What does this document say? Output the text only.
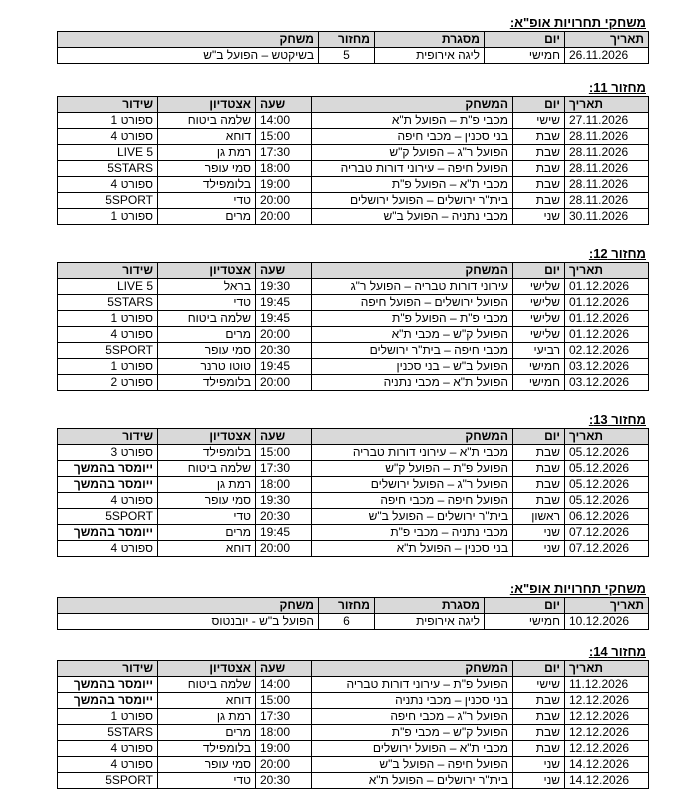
משחקי תחרויות אופ"א:
תאריך	יום	מסגרת	מחזור	משחק
26.11.2026	חמישי	ליגה אירופית	5	בשיקטש – הפועל ב"ש
מחזור 11:
תאריך	יום	המשחק	שעה	אצטדיון	שידור
27.11.2026	שישי	מכבי פ"ת – הפועל ת"א	14:00	שלמה ביטוח	ספורט 1
28.11.2026	שבת	בני סכנין – מכבי חיפה	15:00	דוחא	ספורט 4
28.11.2026	שבת	הפועל ר"ג – הפועל ק"ש	17:30	רמת גן	5 LIVE
28.11.2026	שבת	הפועל חיפה – עירוני דורות טבריה	18:00	סמי עופר	5STARS
28.11.2026	שבת	מכבי ת"א – הפועל פ"ת	19:00	בלומפילד	ספורט 4
28.11.2026	שבת	בית"ר ירושלים – הפועל ירושלים	20:00	טדי	5SPORT
30.11.2026	שני	מכבי נתניה – הפועל ב"ש	20:00	מרים	ספורט 1
מחזור 12:
תאריך	יום	המשחק	שעה	אצטדיון	שידור
01.12.2026	שלישי	עירוני דורות טבריה – הפועל ר"ג	19:30	בראל	5 LIVE
01.12.2026	שלישי	הפועל ירושלים – הפועל חיפה	19:45	טדי	5STARS
01.12.2026	שלישי	מכבי פ"ת – הפועל פ"ת	19:45	שלמה ביטוח	ספורט 1
01.12.2026	שלישי	הפועל ק"ש – מכבי ת"א	20:00	מרים	ספורט 4
02.12.2026	רביעי	מכבי חיפה – בית"ר ירושלים	20:30	סמי עופר	5SPORT
03.12.2026	חמישי	הפועל ב"ש – בני סכנין	19:45	טוטו טרנר	ספורט 1
03.12.2026	חמישי	הפועל ת"א – מכבי נתניה	20:00	בלומפילד	ספורט 2
מחזור 13:
תאריך	יום	המשחק	שעה	אצטדיון	שידור
05.12.2026	שבת	מכבי ת"א – עירוני דורות טבריה	15:00	בלומפילד	ספורט 3
05.12.2026	שבת	הפועל פ"ת – הפועל ק"ש	17:30	שלמה ביטוח	ייומסר בהמשך
05.12.2026	שבת	הפועל ר"ג – הפועל ירושלים	18:00	רמת גן	ייומסר בהמשך
05.12.2026	שבת	הפועל חיפה – מכבי חיפה	19:30	סמי עופר	ספורט 4
06.12.2026	ראשון	בית"ר ירושלים – הפועל ב"ש	20:30	טדי	5SPORT
07.12.2026	שני	מכבי נתניה – מכבי פ"ת	19:45	מרים	ייומסר בהמשך
07.12.2026	שני	בני סכנין – הפועל ת"א	20:00	דוחא	ספורט 4
משחקי תחרויות אופ"א:
תאריך	יום	מסגרת	מחזור	משחק
10.12.2026	חמישי	ליגה אירופית	6	הפועל ב"ש - יובנטוס
מחזור 14:
תאריך	יום	המשחק	שעה	אצטדיון	שידור
11.12.2026	שישי	הפועל פ"ת – עירוני דורות טבריה	14:00	שלמה ביטוח	ייומסר בהמשך
12.12.2026	שבת	בני סכנין – מכבי נתניה	15:00	דוחא	ייומסר בהמשך
12.12.2026	שבת	הפועל ר"ג – מכבי חיפה	17:30	רמת גן	ספורט 1
12.12.2026	שבת	הפועל ק"ש – מכבי פ"ת	18:00	מרים	5STARS
12.12.2026	שבת	מכבי ת"א – הפועל ירושלים	19:00	בלומפילד	ספורט 4
14.12.2026	שני	הפועל חיפה – הפועל ב"ש	20:00	סמי עופר	ספורט 4
14.12.2026	שני	בית"ר ירושלים – הפועל ת"א	20:30	טדי	5SPORT
